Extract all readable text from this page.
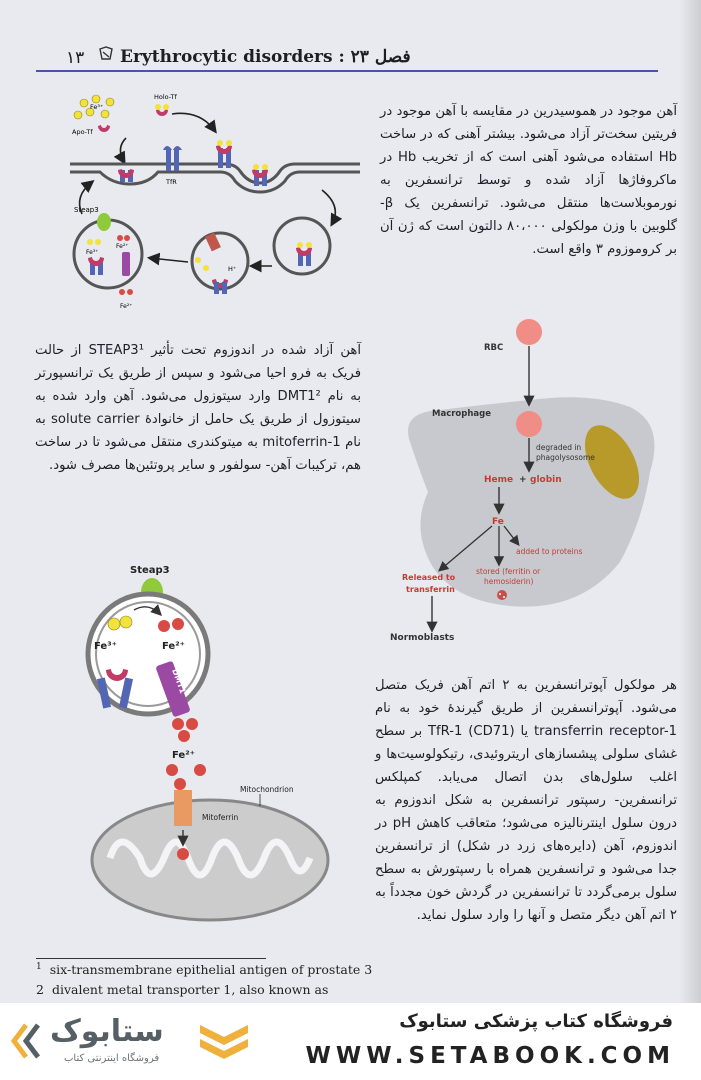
١٣ Erythrocytic disorders : فصل ۲۳
Fe³⁺
Apo-Tf
Holo-Tf
TfR
H⁺
Steap3
Fe³⁺
Fe²⁺
Fe²⁺
RBC
Macrophage
degraded in
phagolysosome
Heme + globin
Fe
added to proteins
stored (ferritin or
hemosiderin)
Released to
transferrin
Normoblasts
Steap3
Fe³⁺	Fe²⁺
DMT1
Fe²⁺
Mitochondrion
Mitoferrin
آهن موجود در هموسیدرین در مقایسه با آهن موجود در فریتین سخت‌تر آزاد می‌شود. بیشتر آهنی که در ساخت Hb استفاده می‌شود آهنی است که از تخریب Hb در ماکروفاژها آزاد شده و توسط ترانسفرین به نورموبلاست‌ها منتقل می‌شود. ترانسفرین یک β- گلوبین با وزن مولکولی ۸۰،۰۰۰ دالتون است که ژن آن بر کروموزوم ۳ واقع است.
آهن آزاد شده در اندوزوم تحت تأثیر STEAP3¹ از حالت فریک به فرو احیا می‌شود و سپس از طریق یک ترانسپورتر به نام DMT1² وارد سیتوزول می‌شود. آهن وارد شده به سیتوزول از طریق یک حامل از خانوادهٔ solute carrier به نام mitoferrin-1 به میتوکندری منتقل می‌شود تا در ساخت هم، ترکیبات آهن- سولفور و سایر پروتئین‌ها مصرف شود.
هر مولکول آپوترانسفرین به ۲ اتم آهن فریک متصل می‌شود. آپوترانسفرین از طریق گیرندهٔ خود به نام transferrin receptor-1 یا TfR-1 (CD71) بر سطح غشای سلولی پیشسازهای اریتروئیدی، رتیکولوسیت‌ها و اغلب سلول‌های بدن اتصال می‌یابد. کمپلکس ترانسفرین- رسپتور ترانسفرین به شکل اندوزوم به درون سلول اینترنالیزه می‌شود؛ متعاقب کاهش pH در اندوزوم، آهن (دایره‌های زرد در شکل) از ترانسفرین جدا می‌شود و ترانسفرین همراه با رسپتورش به سطح سلول برمی‌گردد تا ترانسفرین در گردش خون مجدداً به ۲ اتم آهن دیگر متصل و آنها را وارد سلول نماید.
$^1$ six-transmembrane epithelial antigen of prostate 3
2 divalent metal transporter 1, also known as
ستابوک
فروشگاه اینترنتی کتاب
فروشگاه کتاب پزشکی ستابوک
WWW.SETABOOK.COM
